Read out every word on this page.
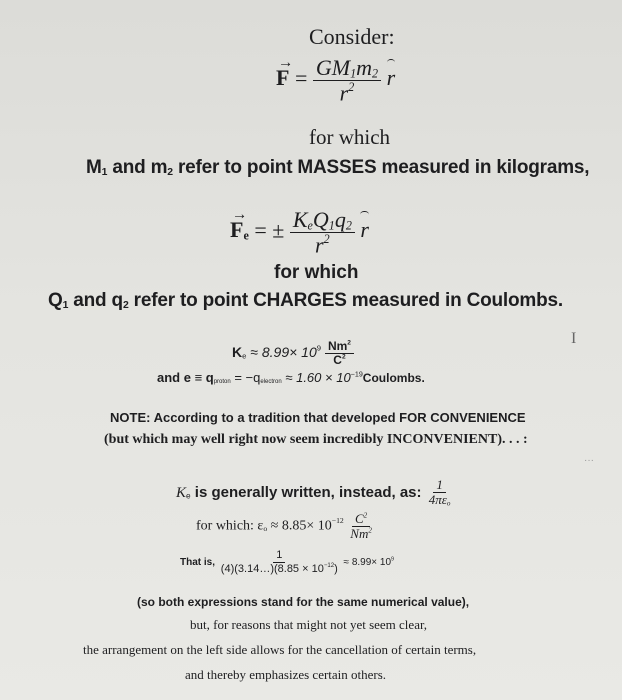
Consider:
→ $F = \frac{GM_1m_2}{r^2}$ r
for which
$M_1$ and $m_2$ refer to point MASSES measured in kilograms,
→ $F_e$ = ± $\frac{K_eQ_1q_2}{r^2}$ r
for which
$Q_1$ and $q_2$ refer to point CHARGES measured in Coulombs.
I
$K_e \approx 8.99\times 10^9 \frac{Nm^2}{C^2}$
and $e \equiv q_{proton} = -q_{electron} \approx 1.60$ × $10^{-19}Coulombs$.
NOTE: According to a tradition that developed FOR CONVENIENCE
(but which may well right now seem incredibly INCONVENIENT). . . :
···
$K_e$ is generally written, instead, as: $\frac{1}{4\pi\varepsilon_o}$
for which: $\varepsilon_o \approx 8.85\times 10^{-12} \frac{C^2}{Nm^2}$
That is, $\frac{1}{(4)(3.14\dots)(8.85 \times 10^{-12})} \approx 8.99\times 10^9$
(so both expressions stand for the same numerical value),
but, for reasons that might not yet seem clear,
the arrangement on the left side allows for the cancellation of certain terms,
and thereby emphasizes certain others.
